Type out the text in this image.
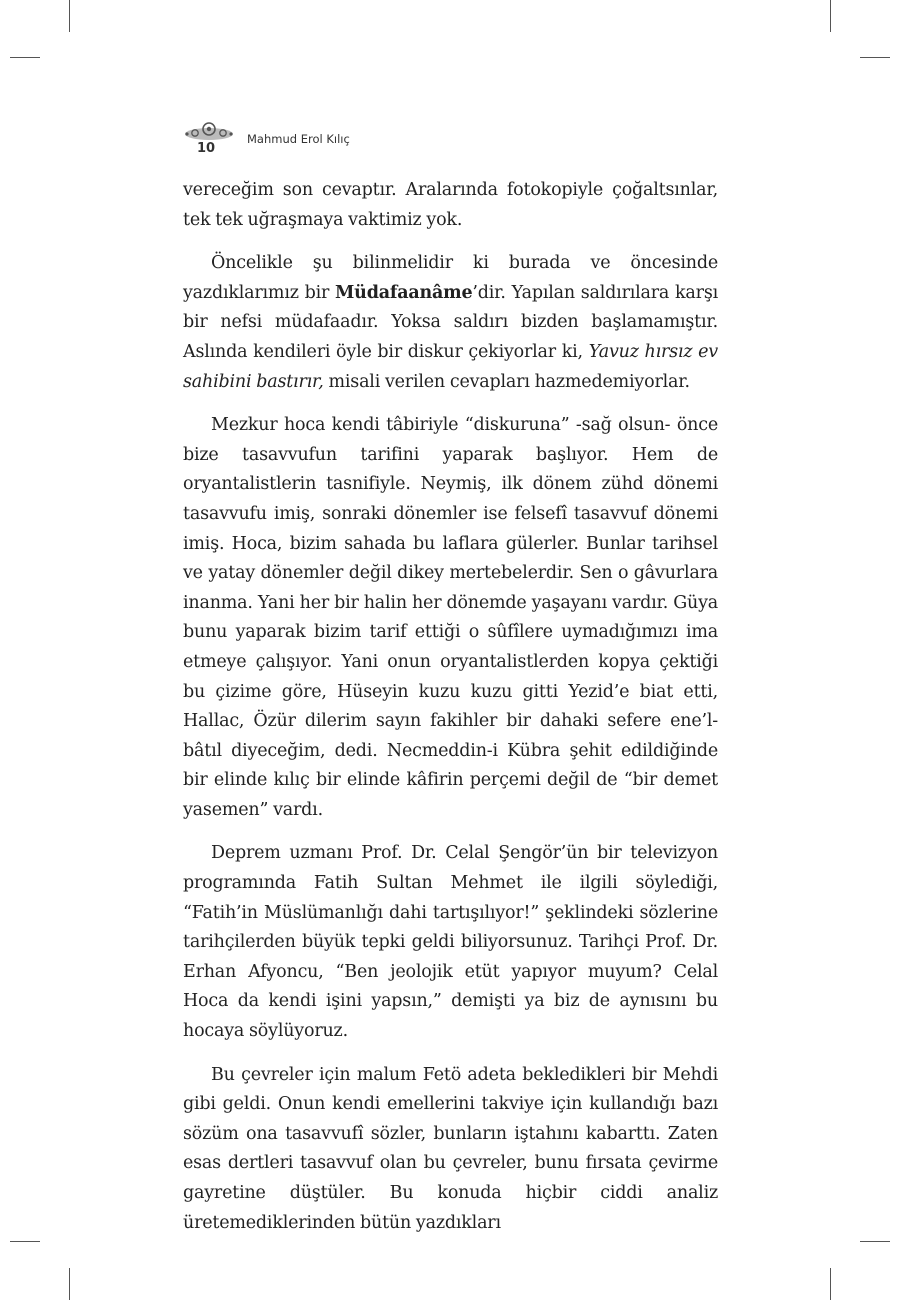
10
Mahmud Erol Kılıç

vereceğim son cevaptır. Aralarında fotokopiyle çoğaltsınlar, tek tek uğraşmaya vaktimiz yok.

Öncelikle şu bilinmelidir ki burada ve öncesinde yazdıklarımız bir Müdafaanâme’dir. Yapılan saldırılara karşı bir nefsi müdafaadır. Yoksa saldırı bizden başlamamıştır. Aslında kendileri öyle bir diskur çekiyorlar ki, Yavuz hırsız ev sahibini bastırır, misali verilen cevapları hazmedemiyorlar.

Mezkur hoca kendi tâbiriyle “diskuruna” -sağ olsun- önce bize tasavvufun tarifini yaparak başlıyor. Hem de oryantalistlerin tasnifiyle. Neymiş, ilk dönem zühd dönemi tasavvufu imiş, sonraki dönemler ise felsefî tasavvuf dönemi imiş. Hoca, bizim sahada bu laflara gülerler. Bunlar tarihsel ve yatay dönemler değil dikey mertebelerdir. Sen o gâvurlara inanma. Yani her bir halin her dönemde yaşayanı vardır. Güya bunu yaparak bizim tarif ettiği o sûfîlere uymadığımızı ima etmeye çalışıyor. Yani onun oryantalistlerden kopya çektiği bu çizime göre, Hüseyin kuzu kuzu gitti Yezid’e biat etti, Hallac, Özür dilerim sayın fakihler bir dahaki sefere ene’l-bâtıl diyeceğim, dedi. Necmeddin-i Kübra şehit edildiğinde bir elinde kılıç bir elinde kâfirin perçemi değil de “bir demet yasemen” vardı.

Deprem uzmanı Prof. Dr. Celal Şengör’ün bir televizyon programında Fatih Sultan Mehmet ile ilgili söylediği, “Fatih’in Müslümanlığı dahi tartışılıyor!” şeklindeki sözlerine tarihçilerden büyük tepki geldi biliyorsunuz. Tarihçi Prof. Dr. Erhan Afyoncu, “Ben jeolojik etüt yapıyor muyum? Celal Hoca da kendi işini yapsın,” demişti ya biz de aynısını bu hocaya söylüyoruz.

Bu çevreler için malum Fetö adeta bekledikleri bir Mehdi gibi geldi. Onun kendi emellerini takviye için kullandığı bazı sözüm ona tasavvufî sözler, bunların iştahını kabarttı. Zaten esas dertleri tasavvuf olan bu çevreler, bunu fırsata çevirme gayretine düştüler. Bu konuda hiçbir ciddi analiz üretemediklerinden bütün yazdıkları
